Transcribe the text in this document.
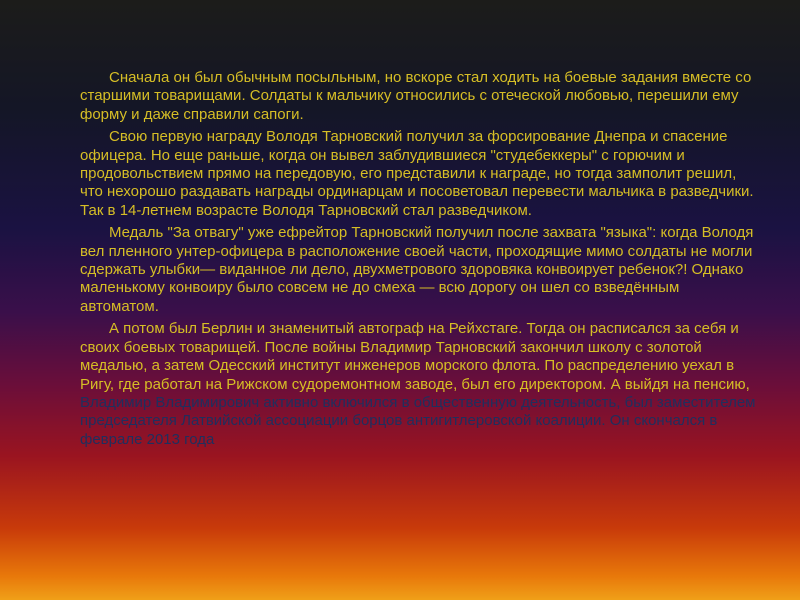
Сначала он был обычным посыльным, но вскоре стал ходить на боевые задания вместе со старшими товарищами. Солдаты к мальчику относились с отеческой любовью, перешили ему форму и даже справили сапоги.

Свою первую награду Володя Тарновский получил за форсирование Днепра и спасение офицера. Но еще раньше, когда он вывел заблудившиеся "студебеккеры" с горючим и продовольствием прямо на передовую, его представили к награде, но тогда замполит решил, что нехорошо раздавать награды ординарцам и посоветовал перевести мальчика в разведчики. Так в 14-летнем возрасте Володя Тарновский стал разведчиком.

Медаль "За отвагу" уже ефрейтор Тарновский получил после захвата "языка": когда Володя вел пленного унтер-офицера в расположение своей части, проходящие мимо солдаты не могли сдержать улыбки— виданное ли дело, двухметрового здоровяка конвоирует ребенок?! Однако маленькому конвоиру было совсем не до смеха — всю дорогу он шел со взведённым автоматом.

А потом был Берлин и знаменитый автограф на Рейхстаге. Тогда он расписался за себя и своих боевых товарищей. После войны Владимир Тарновский закончил школу с золотой медалью, а затем Одесский институт инженеров морского флота. По распределению уехал в Ригу, где работал на Рижском судоремонтном заводе, был его директором. А выйдя на пенсию, Владимир Владимирович активно включился в общественную деятельность, был заместителем председателя Латвийской ассоциации борцов антигитлеровской коалиции. Он скончался в феврале 2013 года
